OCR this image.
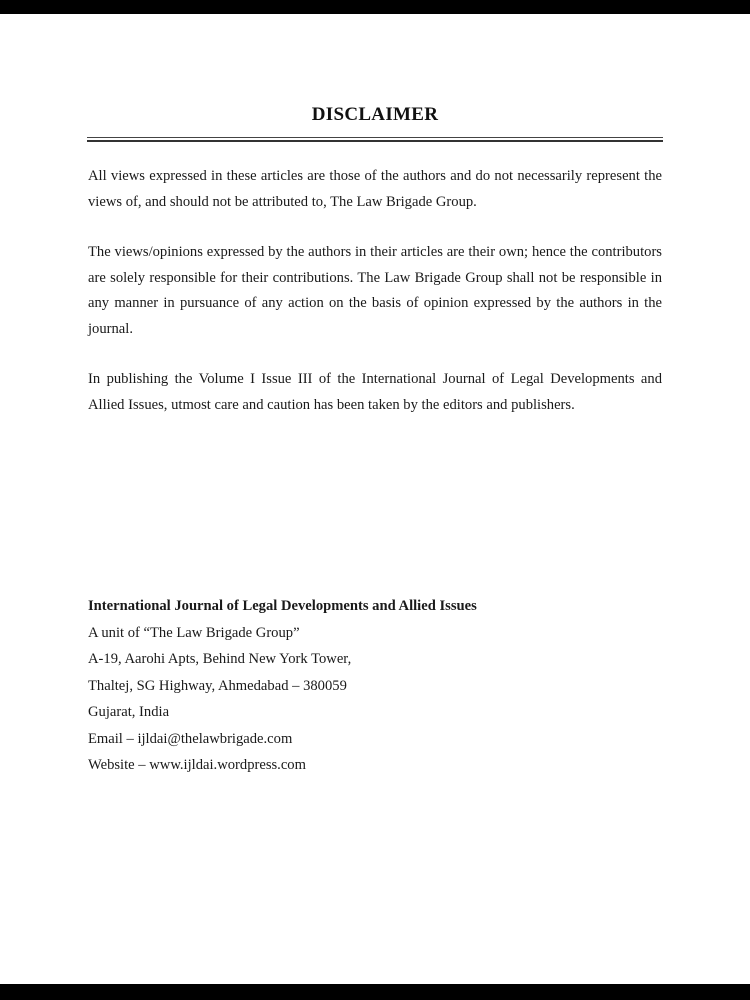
DISCLAIMER

All views expressed in these articles are those of the authors and do not necessarily represent the views of, and should not be attributed to, The Law Brigade Group.

The views/opinions expressed by the authors in their articles are their own; hence the contributors are solely responsible for their contributions. The Law Brigade Group shall not be responsible in any manner in pursuance of any action on the basis of opinion expressed by the authors in the journal.

In publishing the Volume I Issue III of the International Journal of Legal Developments and Allied Issues, utmost care and caution has been taken by the editors and publishers.

International Journal of Legal Developments and Allied Issues
A unit of “The Law Brigade Group”
A-19, Aarohi Apts, Behind New York Tower,
Thaltej, SG Highway, Ahmedabad – 380059
Gujarat, India
Email – ijldai@thelawbrigade.com
Website – www.ijldai.wordpress.com
